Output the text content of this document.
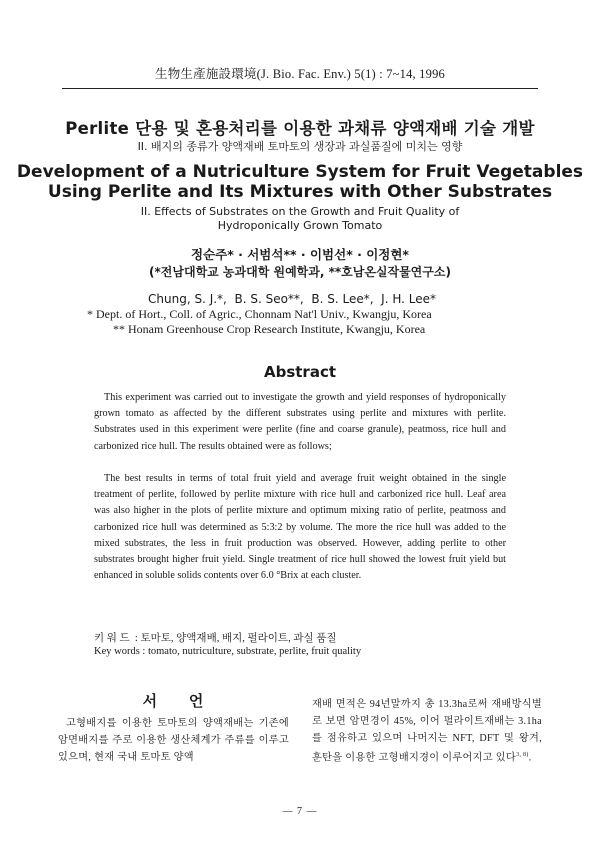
生物生產施設環境(J. Bio. Fac. Env.) 5(1) : 7~14, 1996
Perlite 단용 및 혼용처리를 이용한 과채류 양액재배 기술 개발
II. 배지의 종류가 양액재배 토마토의 생장과 과실품질에 미치는 영향
Development of a Nutriculture System for Fruit Vegetables Using Perlite and Its Mixtures with Other Substrates
II. Effects of Substrates on the Growth and Fruit Quality of Hydroponically Grown Tomato
정순주* · 서범석** · 이범선* · 이정현*
(*전남대학교 농과대학 원예학과, **호남온실작물연구소)
Chung, S. J.*,  B. S. Seo**,  B. S. Lee*,  J. H. Lee*
* Dept. of Hort., Coll. of Agric., Chonnam Nat'l Univ., Kwangju, Korea
** Honam Greenhouse Crop Research Institute, Kwangju, Korea
Abstract
This experiment was carried out to investigate the growth and yield responses of hydroponically grown tomato as affected by the different substrates using perlite and mixtures with perlite. Substrates used in this experiment were perlite (fine and coarse granule), peatmoss, rice hull and carbonized rice hull. The results obtained were as follows;
The best results in terms of total fruit yield and average fruit weight obtained in the single treatment of perlite, followed by perlite mixture with rice hull and carbonized rice hull. Leaf area was also higher in the plots of perlite mixture and optimum mixing ratio of perlite, peatmoss and carbonized rice hull was determined as 5:3:2 by volume. The more the rice hull was added to the mixed substrates, the less in fruit production was observed. However, adding perlite to other substrates brought higher fruit yield. Single treatment of rice hull showed the lowest fruit yield but enhanced in soluble solids contents over 6.0 °Brix at each cluster.
키 워 드  : 토마토, 양액재배, 배지, 펄라이트, 과실 품질
Key words : tomato, nutriculture, substrate, perlite, fruit quality
서 언
고형배지를 이용한 토마토의 양액재배는 기존에 암면배지를 주로 이용한 생산체계가 주류를 이루고 있으며, 현재 국내 토마토 양액
재배 면적은 94년말까지 총 13.3ha로써 재배방식별로 보면 암면경이 45%, 이어 펄라이트재배는 3.1ha를 점유하고 있으며 나머지는 NFT, DFT 및 왕겨, 훈탄을 이용한 고형배지경이 이루어지고 있다$^{3, 8)}$.
— 7 —
